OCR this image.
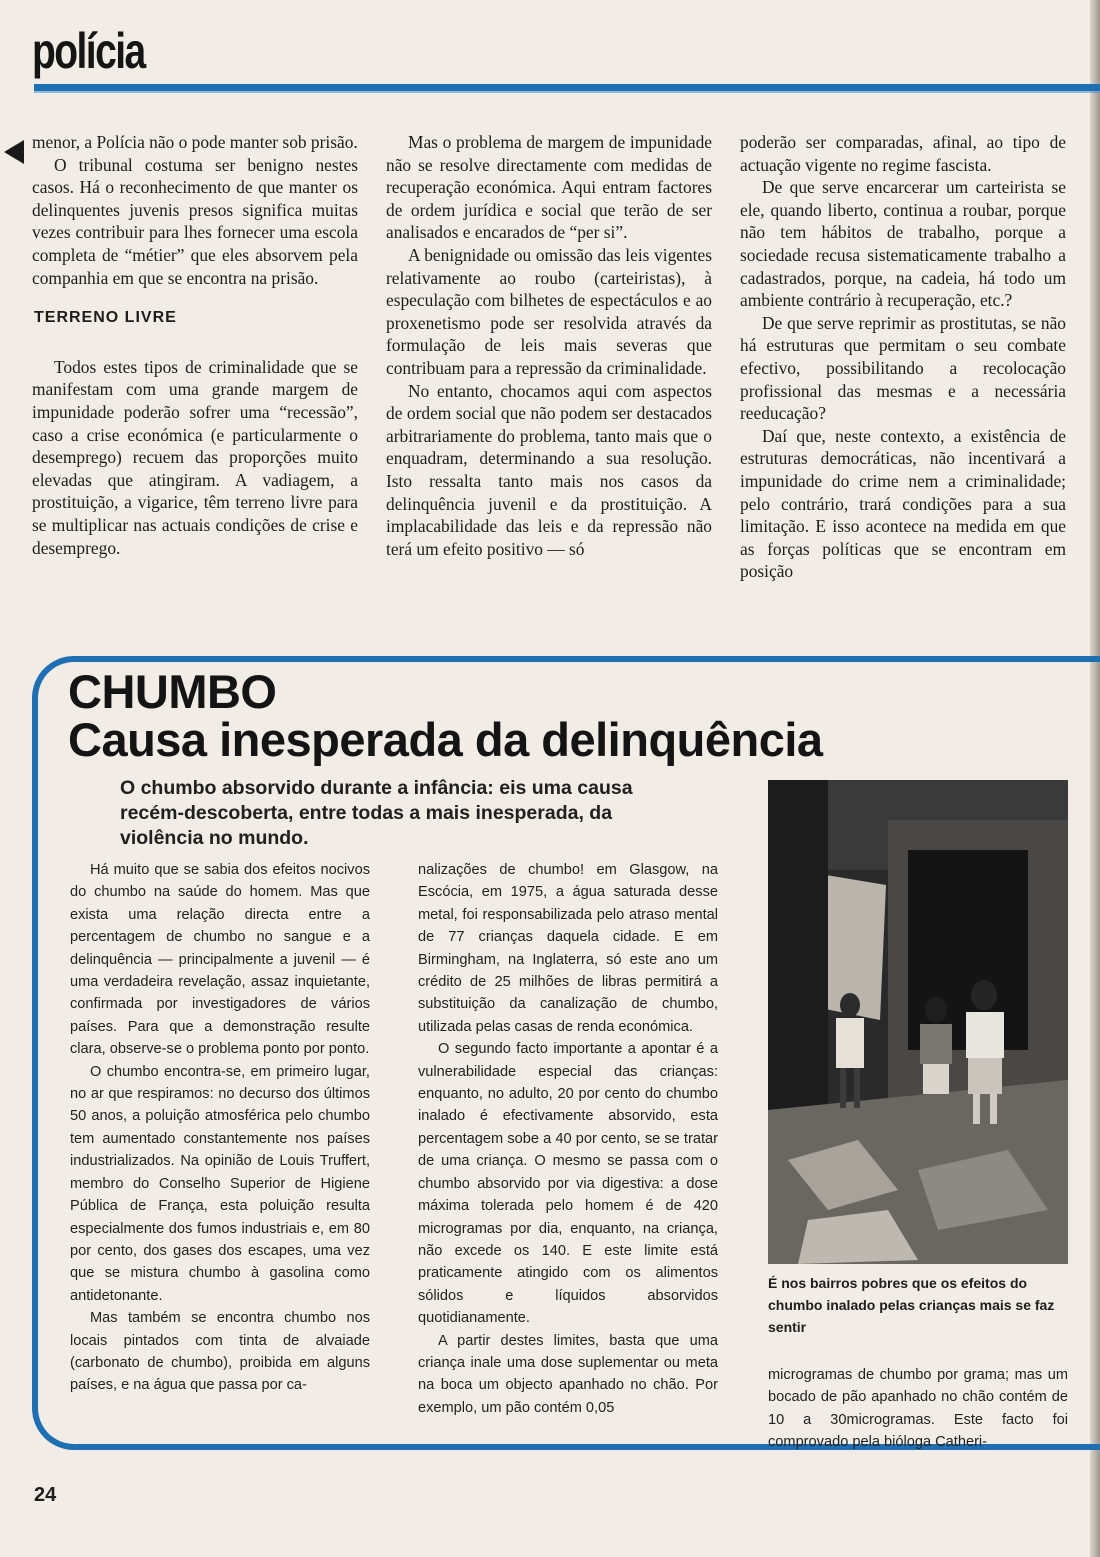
polícia

menor, a Polícia não o pode manter sob prisão.

O tribunal costuma ser benigno nestes casos. Há o reconhecimento de que manter os delinquentes juvenis presos significa muitas vezes contribuir para lhes fornecer uma escola completa de “métier” que eles absorvem pela companhia em que se encontra na prisão.

TERRENO LIVRE

Todos estes tipos de criminalidade que se manifestam com uma grande margem de impunidade poderão sofrer uma “recessão”, caso a crise económica (e particularmente o desemprego) recuem das proporções muito elevadas que atingiram. A vadiagem, a prostituição, a vigarice, têm terreno livre para se multiplicar nas actuais condições de crise e desemprego.

Mas o problema de margem de impunidade não se resolve directamente com medidas de recuperação económica. Aqui entram factores de ordem jurídica e social que terão de ser analisados e encarados de “per si”.

A benignidade ou omissão das leis vigentes relativamente ao roubo (carteiristas), à especulação com bilhetes de espectáculos e ao proxenetismo pode ser resolvida através da formulação de leis mais severas que contribuam para a repressão da criminalidade.

No entanto, chocamos aqui com aspectos de ordem social que não podem ser destacados arbitrariamente do problema, tanto mais que o enquadram, determinando a sua resolução. Isto ressalta tanto mais nos casos da delinquência juvenil e da prostituição. A implacabilidade das leis e da repressão não terá um efeito positivo — só

poderão ser comparadas, afinal, ao tipo de actuação vigente no regime fascista.

De que serve encarcerar um carteirista se ele, quando liberto, continua a roubar, porque não tem hábitos de trabalho, porque a sociedade recusa sistematicamente trabalho a cadastrados, porque, na cadeia, há todo um ambiente contrário à recuperação, etc.?

De que serve reprimir as prostitutas, se não há estruturas que permitam o seu combate efectivo, possibilitando a recolocação profissional das mesmas e a necessária reeducação?

Daí que, neste contexto, a existência de estruturas democráticas, não incentivará a impunidade do crime nem a criminalidade; pelo contrário, trará condições para a sua limitação. E isso acontece na medida em que as forças políticas que se encontram em posição

CHUMBO
Causa inesperada da delinquência

O chumbo absorvido durante a infância: eis uma causa recém-descoberta, entre todas a mais inesperada, da violência no mundo.

Há muito que se sabia dos efeitos nocivos do chumbo na saúde do homem. Mas que exista uma relação directa entre a percentagem de chumbo no sangue e a delinquência — principalmente a juvenil — é uma verdadeira revelação, assaz inquietante, confirmada por investigadores de vários países. Para que a demonstração resulte clara, observe-se o problema ponto por ponto.

O chumbo encontra-se, em primeiro lugar, no ar que respiramos: no decurso dos últimos 50 anos, a poluição atmosférica pelo chumbo tem aumentado constantemente nos países industrializados. Na opinião de Louis Truffert, membro do Conselho Superior de Higiene Pública de França, esta poluição resulta especialmente dos fumos industriais e, em 80 por cento, dos gases dos escapes, uma vez que se mistura chumbo à gasolina como antidetonante.

Mas também se encontra chumbo nos locais pintados com tinta de alvaiade (carbonato de chumbo), proibida em alguns países, e na água que passa por ca-

nalizações de chumbo! em Glasgow, na Escócia, em 1975, a água saturada desse metal, foi responsabilizada pelo atraso mental de 77 crianças daquela cidade. E em Birmingham, na Inglaterra, só este ano um crédito de 25 milhões de libras permitirá a substituição da canalização de chumbo, utilizada pelas casas de renda económica.

O segundo facto importante a apontar é a vulnerabilidade especial das crianças: enquanto, no adulto, 20 por cento do chumbo inalado é efectivamente absorvido, esta percentagem sobe a 40 por cento, se se tratar de uma criança. O mesmo se passa com o chumbo absorvido por via digestiva: a dose máxima tolerada pelo homem é de 420 microgramas por dia, enquanto, na criança, não excede os 140. E este limite está praticamente atingido com os alimentos sólidos e líquidos absorvidos quotidianamente.

A partir destes limites, basta que uma criança inale uma dose suplementar ou meta na boca um objecto apanhado no chão. Por exemplo, um pão contém 0,05

É nos bairros pobres que os efeitos do chumbo inalado pelas crianças mais se faz sentir

microgramas de chumbo por grama; mas um bocado de pão apanhado no chão contém de 10 a 30microgramas. Este facto foi comprovado pela bióloga Catheri-

24
